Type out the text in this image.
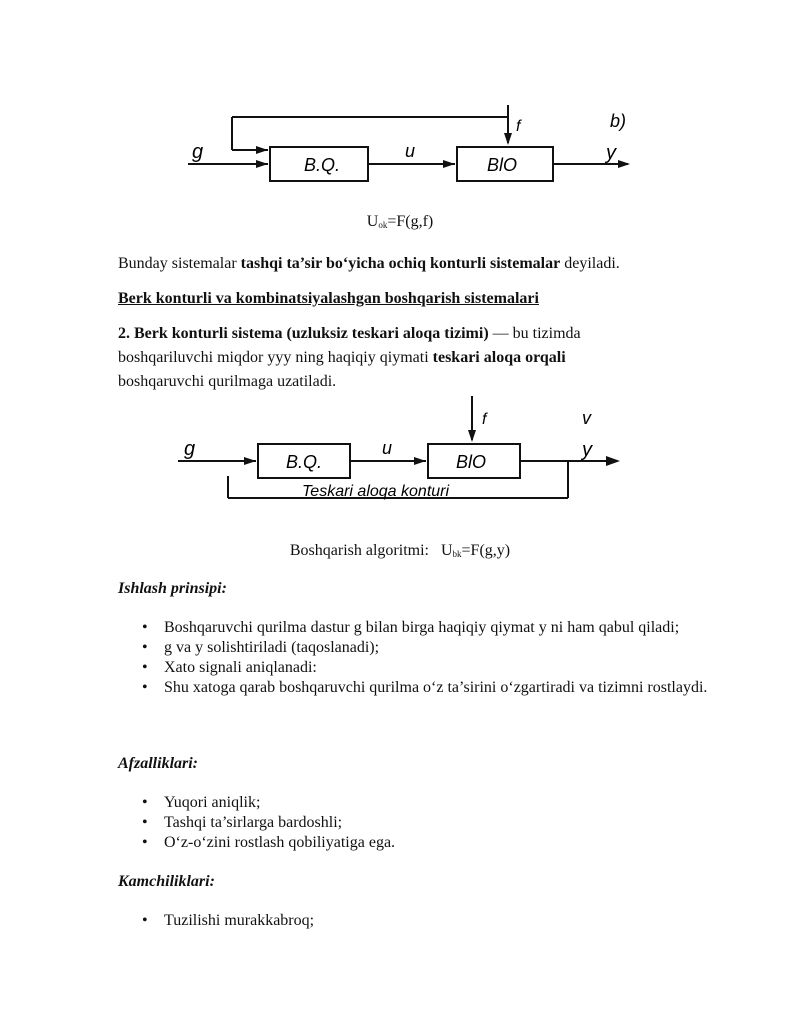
g
B.Q.
u
BlO
f
y
b)
$U_{ok}=F(g,f)$
Bunday sistemalar tashqi ta’sir bo‘yicha ochiq konturli sistemalar deyiladi.
Berk konturli va kombinatsiyalashgan boshqarish sistemalari
2. Berk konturli sistema (uzluksiz teskari aloqa tizimi) — bu tizimda
boshqariluvchi miqdor yyy ning haqiqiy qiymati teskari aloqa orqali
boshqaruvchi qurilmaga uzatiladi.
g
B.Q.
u
BlO
f
y
v
Teskari aloqa konturi
Boshqarish algoritmi:   $U_{bk}=F(g,y)$
Ishlash prinsipi:
• Boshqaruvchi qurilma dastur g bilan birga haqiqiy qiymat y ni ham qabul qiladi;
• g va y solishtiriladi (taqoslanadi);
• Xato signali aniqlanadi:
• Shu xatoga qarab boshqaruvchi qurilma o‘z ta’sirini o‘zgartiradi va tizimni rostlaydi.
Afzalliklari:
• Yuqori aniqlik;
• Tashqi ta’sirlarga bardoshli;
• O‘z-o‘zini rostlash qobiliyatiga ega.
Kamchiliklari:
• Tuzilishi murakkabroq;
